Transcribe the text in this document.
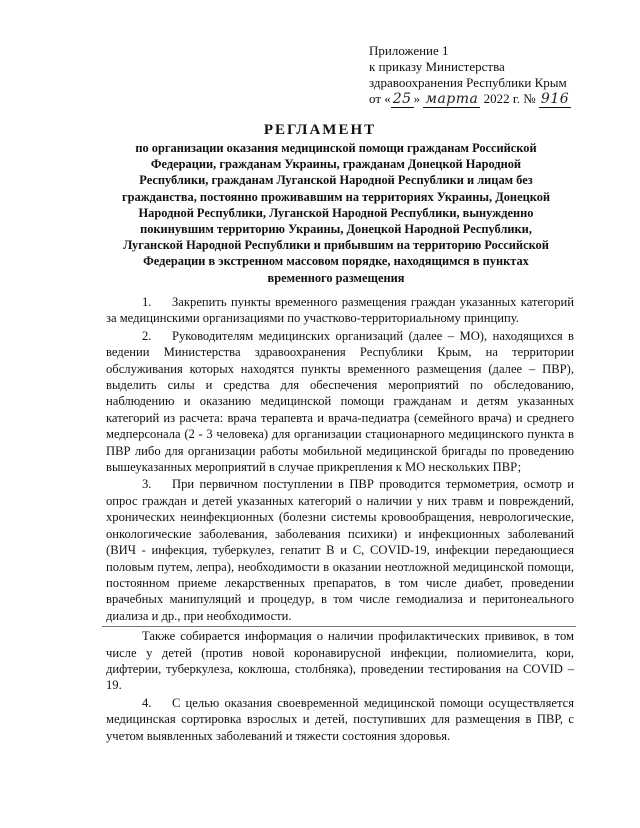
Приложение 1
к приказу Министерства
здравоохранения Республики Крым
от « 25 » марта 2022 г. № 916
РЕГЛАМЕНТ
по организации оказания медицинской помощи гражданам Российской Федерации, гражданам Украины, гражданам Донецкой Народной Республики, гражданам Луганской Народной Республики и лицам без гражданства, постоянно проживавшим на территориях Украины, Донецкой Народной Республики, Луганской Народной Республики, вынужденно покинувшим территорию Украины, Донецкой Народной Республики, Луганской Народной Республики и прибывшим на территорию Российской Федерации в экстренном массовом порядке, находящимся в пунктах временного размещения

1. Закрепить пункты временного размещения граждан указанных категорий за медицинскими организациями по участково-территориальному принципу.

2. Руководителям медицинских организаций (далее – МО), находящихся в ведении Министерства здравоохранения Республики Крым, на территории обслуживания которых находятся пункты временного размещения (далее – ПВР), выделить силы и средства для обеспечения мероприятий по обследованию, наблюдению и оказанию медицинской помощи гражданам и детям указанных категорий из расчета: врача терапевта и врача-педиатра (семейного врача) и среднего медперсонала (2 - 3 человека) для организации стационарного медицинского пункта в ПВР либо для организации работы мобильной медицинской бригады по проведению вышеуказанных мероприятий в случае прикрепления к МО нескольких ПВР;

3. При первичном поступлении в ПВР проводится термометрия, осмотр и опрос граждан и детей указанных категорий о наличии у них травм и повреждений, хронических неинфекционных (болезни системы кровообращения, неврологические, онкологические заболевания, заболевания психики) и инфекционных заболеваний (ВИЧ - инфекция, туберкулез, гепатит В и С, COVID-19, инфекции передающиеся половым путем, лепра), необходимости в оказании неотложной медицинской помощи, постоянном приеме лекарственных препаратов, в том числе диабет, проведении врачебных манипуляций и процедур, в том числе гемодиализа и перитонеального диализа и др., при необходимости.

Также собирается информация о наличии профилактических прививок, в том числе у детей (против новой коронавирусной инфекции, полиомиелита, кори, дифтерии, туберкулеза, коклюша, столбняка), проведении тестирования на COVID – 19.

4. С целью оказания своевременной медицинской помощи осуществляется медицинская сортировка взрослых и детей, поступивших для размещения в ПВР, с учетом выявленных заболеваний и тяжести состояния здоровья.
